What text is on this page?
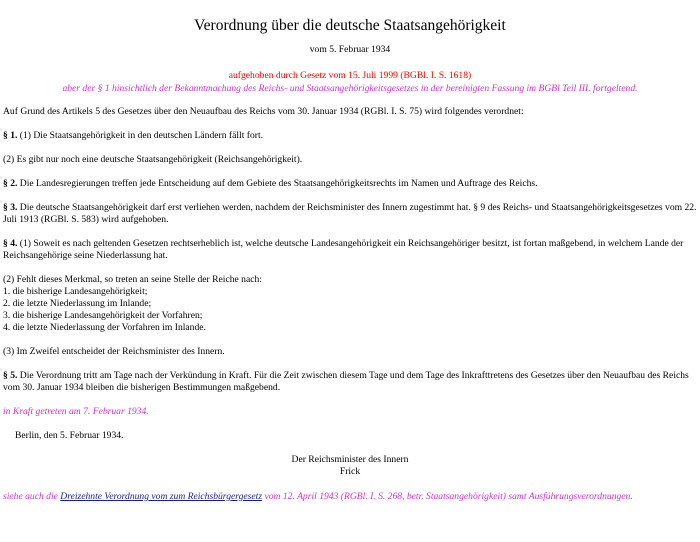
Verordnung über die deutsche Staatsangehörigkeit
vom 5. Februar 1934
aufgehoben durch Gesetz vom 15. Juli 1999 (BGBl. I. S. 1618)
aber der § 1 hinsichtlich der Bekanntmachung des Reichs- und Staatsangehörigkeitsgesetzes in der bereinigten Fassung im BGBl Teil III. fortgeltend.

Auf Grund des Artikels 5 des Gesetzes über den Neuaufbau des Reichs vom 30. Januar 1934 (RGBl. I. S. 75) wird folgendes verordnet:

§ 1. (1) Die Staatsangehörigkeit in den deutschen Ländern fällt fort.

(2) Es gibt nur noch eine deutsche Staatsangehörigkeit (Reichsangehörigkeit).

§ 2. Die Landesregierungen treffen jede Entscheidung auf dem Gebiete des Staatsangehörigkeitsrechts im Namen und Auftrage des Reichs.

§ 3. Die deutsche Staatsangehörigkeit darf erst verliehen werden, nachdem der Reichsminister des Innern zugestimmt hat. § 9 des Reichs- und Staatsangehörigkeitsgesetzes vom 22. Juli 1913 (RGBl. S. 583) wird aufgehoben.

§ 4. (1) Soweit es nach geltenden Gesetzen rechtserheblich ist, welche deutsche Landesangehörigkeit ein Reichsangehöriger besitzt, ist fortan maßgebend, in welchem Lande der Reichsangehörige seine Niederlassung hat.

(2) Fehlt dieses Merkmal, so treten an seine Stelle der Reiche nach:
1. die bisherige Landesangehörigkeit;
2. die letzte Niederlassung im Inlande;
3. die bisherige Landesangehörigkeit der Vorfahren;
4. die letzte Niederlassung der Vorfahren im Inlande.

(3) Im Zweifel entscheidet der Reichsminister des Innern.

§ 5. Die Verordnung tritt am Tage nach der Verkündung in Kraft. Für die Zeit zwischen diesem Tage und dem Tage des Inkrafttretens des Gesetzes über den Neuaufbau des Reichs vom 30. Januar 1934 bleiben die bisherigen Bestimmungen maßgebend.

in Kraft getreten am 7. Februar 1934.
Berlin, den 5. Februar 1934.
Der Reichsminister des Innern
Frick
siehe auch die Dreizehnte Verordnung vom zum Reichsbürgergesetz vom 12. April 1943 (RGBl. I. S. 268, betr. Staatsangehörigkeit) samt Ausführungsverordnungen.
